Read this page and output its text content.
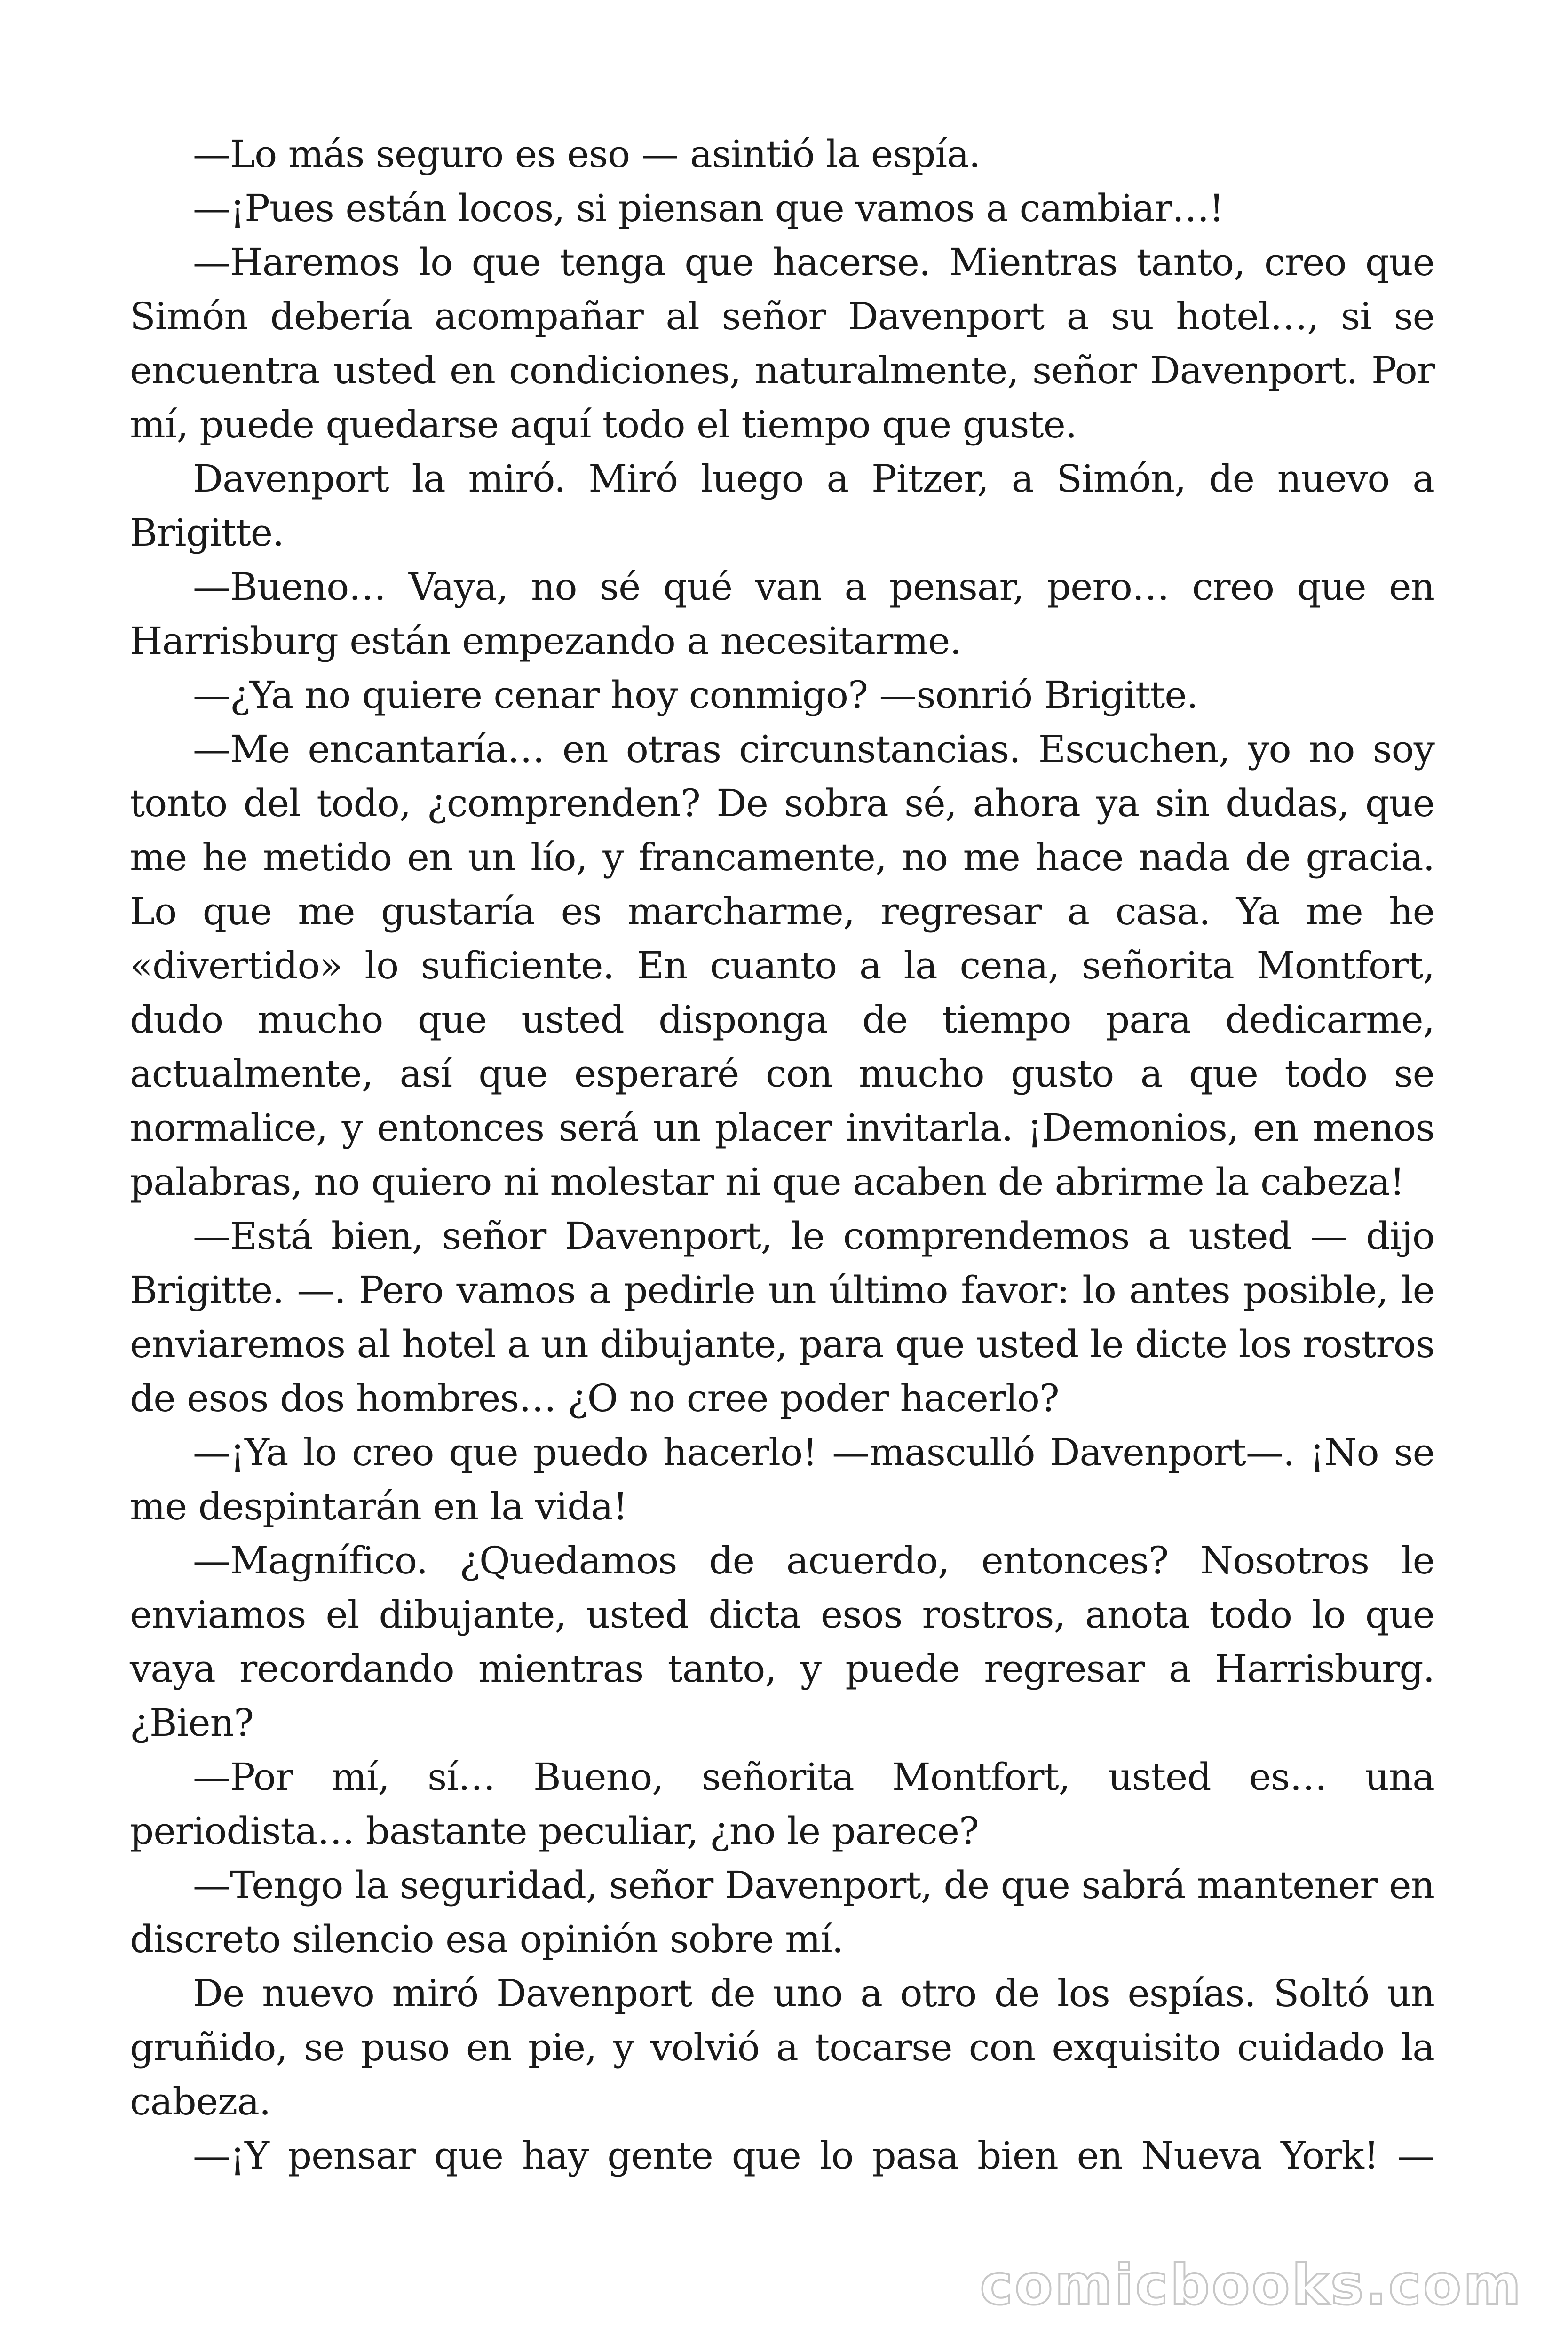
—Lo más seguro es eso — asintió la espía.

—¡Pues están locos, si piensan que vamos a cambiar…!

—Haremos lo que tenga que hacerse. Mientras tanto, creo que Simón debería acompañar al señor Davenport a su hotel…, si se encuentra usted en condiciones, naturalmente, señor Davenport. Por mí, puede quedarse aquí todo el tiempo que guste.

Davenport la miró. Miró luego a Pitzer, a Simón, de nuevo a Brigitte.

—Bueno… Vaya, no sé qué van a pensar, pero… creo que en Harrisburg están empezando a necesitarme.

—¿Ya no quiere cenar hoy conmigo? —sonrió Brigitte.

—Me encantaría… en otras circunstancias. Escuchen, yo no soy tonto del todo, ¿comprenden? De sobra sé, ahora ya sin dudas, que me he metido en un lío, y francamente, no me hace nada de gracia. Lo que me gustaría es marcharme, regresar a casa. Ya me he «divertido» lo suficiente. En cuanto a la cena, señorita Montfort, dudo mucho que usted disponga de tiempo para dedicarme, actualmente, así que esperaré con mucho gusto a que todo se normalice, y entonces será un placer invitarla. ¡Demonios, en menos palabras, no quiero ni molestar ni que acaben de abrirme la cabeza!

—Está bien, señor Davenport, le comprendemos a usted — dijo Brigitte. —. Pero vamos a pedirle un último favor: lo antes posible, le enviaremos al hotel a un dibujante, para que usted le dicte los rostros de esos dos hombres… ¿O no cree poder hacerlo?

—¡Ya lo creo que puedo hacerlo! —masculló Davenport—. ¡No se me despintarán en la vida!

—Magnífico. ¿Quedamos de acuerdo, entonces? Nosotros le enviamos el dibujante, usted dicta esos rostros, anota todo lo que vaya recordando mientras tanto, y puede regresar a Harrisburg. ¿Bien?

—Por mí, sí… Bueno, señorita Montfort, usted es… una periodista… bastante peculiar, ¿no le parece?

—Tengo la seguridad, señor Davenport, de que sabrá mantener en discreto silencio esa opinión sobre mí.

De nuevo miró Davenport de uno a otro de los espías. Soltó un gruñido, se puso en pie, y volvió a tocarse con exquisito cuidado la cabeza.

—¡Y pensar que hay gente que lo pasa bien en Nueva York! —

comicbooks.com
